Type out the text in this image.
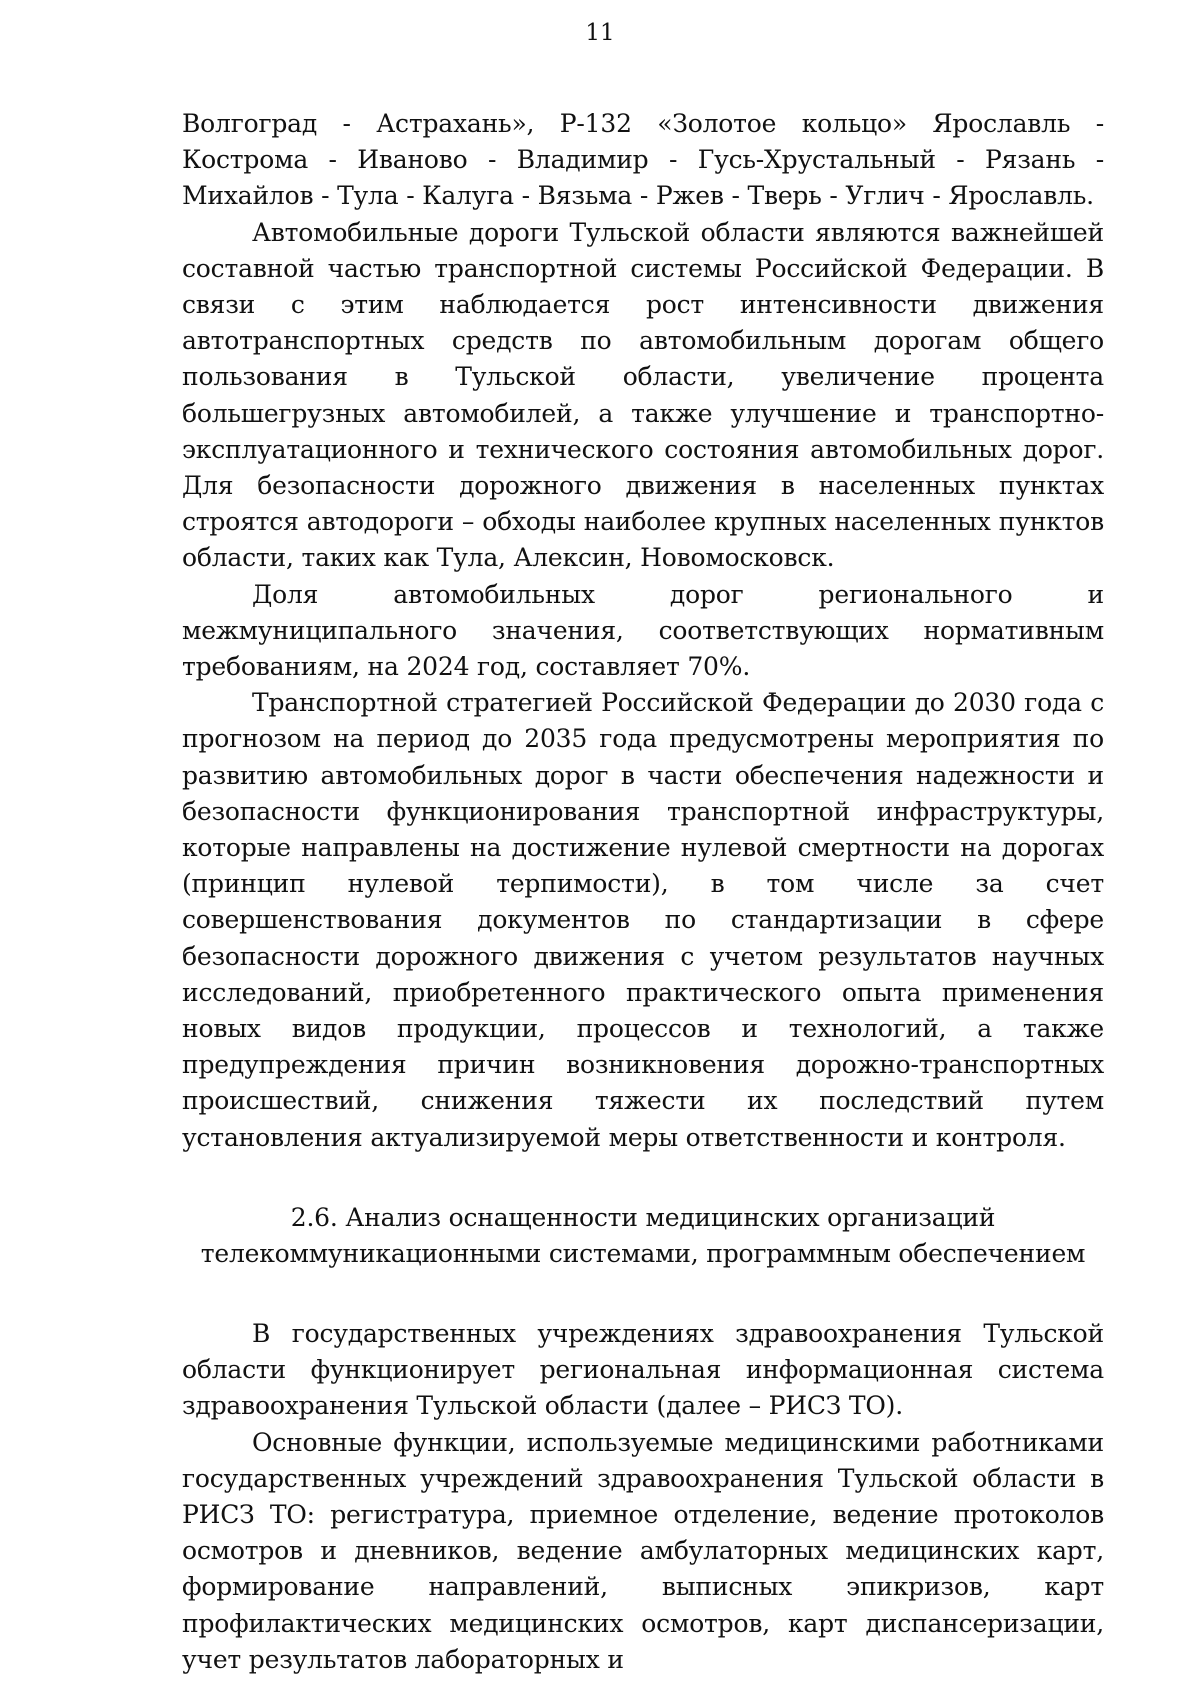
11

Волгоград - Астрахань», Р-132 «Золотое кольцо» Ярославль - Кострома - Иваново - Владимир - Гусь-Хрустальный - Рязань - Михайлов - Тула - Калуга - Вязьма - Ржев - Тверь - Углич - Ярославль.

Автомобильные дороги Тульской области являются важнейшей составной частью транспортной системы Российской Федерации. В связи с этим наблюдается рост интенсивности движения автотранспортных средств по автомобильным дорогам общего пользования в Тульской области, увеличение процента большегрузных автомобилей, а также улучшение и транспортно-эксплуатационного и технического состояния автомобильных дорог. Для безопасности дорожного движения в населенных пунктах строятся автодороги – обходы наиболее крупных населенных пунктов области, таких как Тула, Алексин, Новомосковск.

Доля автомобильных дорог регионального и межмуниципального значения, соответствующих нормативным требованиям, на 2024 год, составляет 70%.

Транспортной стратегией Российской Федерации до 2030 года с прогнозом на период до 2035 года предусмотрены мероприятия по развитию автомобильных дорог в части обеспечения надежности и безопасности функционирования транспортной инфраструктуры, которые направлены на достижение нулевой смертности на дорогах (принцип нулевой терпимости), в том числе за счет совершенствования документов по стандартизации в сфере безопасности дорожного движения с учетом результатов научных исследований, приобретенного практического опыта применения новых видов продукции, процессов и технологий, а также предупреждения причин возникновения дорожно-транспортных происшествий, снижения тяжести их последствий путем установления актуализируемой меры ответственности и контроля.

2.6. Анализ оснащенности медицинских организаций
телекоммуникационными системами, программным обеспечением

В государственных учреждениях здравоохранения Тульской области функционирует региональная информационная система здравоохранения Тульской области (далее – РИСЗ ТО).

Основные функции, используемые медицинскими работниками государственных учреждений здравоохранения Тульской области в РИСЗ ТО: регистратура, приемное отделение, ведение протоколов осмотров и дневников, ведение амбулаторных медицинских карт, формирование направлений, выписных эпикризов, карт профилактических медицинских осмотров, карт диспансеризации, учет результатов лабораторных и
